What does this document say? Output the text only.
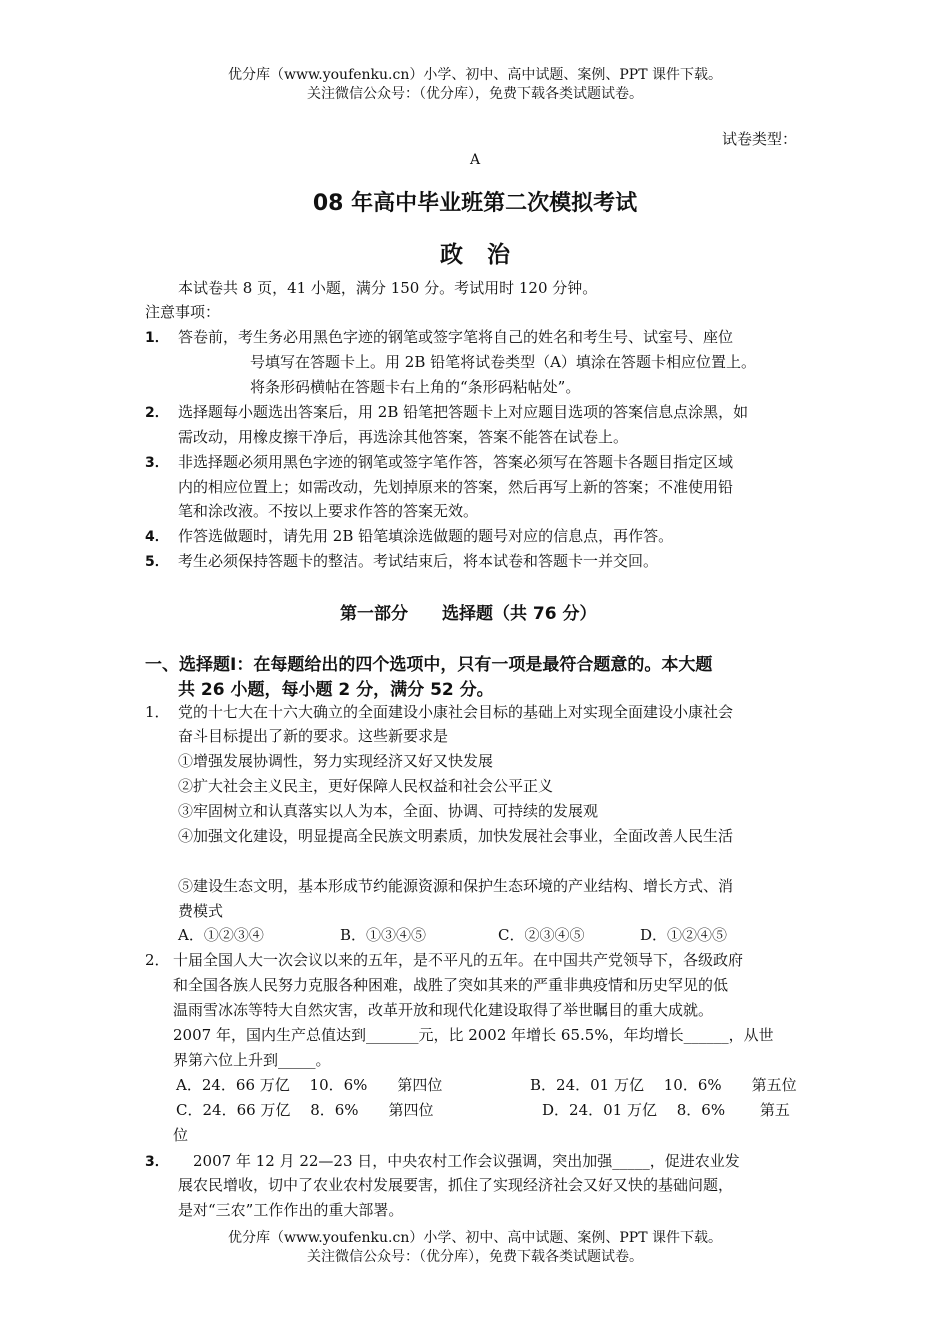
优分库（www.youfenku.cn）小学、初中、高中试题、案例、PPT 课件下载。
关注微信公众号：（优分库），免费下载各类试题试卷。
试卷类型：
A
08 年高中毕业班第二次模拟考试
政治
本试卷共 8 页，41 小题，满分 150 分。考试用时 120 分钟。
注意事项：
1． 答卷前，考生务必用黑色字迹的钢笔或签字笔将自己的姓名和考生号、试室号、座位
号填写在答题卡上。用 2B 铅笔将试卷类型（A）填涂在答题卡相应位置上。
将条形码横帖在答题卡右上角的“条形码粘帖处”。
2． 选择题每小题选出答案后，用 2B 铅笔把答题卡上对应题目选项的答案信息点涂黑，如
需改动，用橡皮擦干净后，再选涂其他答案，答案不能答在试卷上。
3． 非选择题必须用黑色字迹的钢笔或签字笔作答，答案必须写在答题卡各题目指定区域
内的相应位置上；如需改动，先划掉原来的答案，然后再写上新的答案；不准使用铅
笔和涂改液。不按以上要求作答的答案无效。
4． 作答选做题时，请先用 2B 铅笔填涂选做题的题号对应的信息点，再作答。
5． 考生必须保持答题卡的整洁。考试结束后，将本试卷和答题卡一并交回。
第一部分　　选择题（共 76 分）
一、选择题Ⅰ：在每题给出的四个选项中，只有一项是最符合题意的。本大题
共 26 小题，每小题 2 分，满分 52 分。
1． 党的十七大在十六大确立的全面建设小康社会目标的基础上对实现全面建设小康社会
奋斗目标提出了新的要求。这些新要求是
①增强发展协调性，努力实现经济又好又快发展
②扩大社会主义民主，更好保障人民权益和社会公平正义
③牢固树立和认真落实以人为本，全面、协调、可持续的发展观
④加强文化建设，明显提高全民族文明素质，加快发展社会事业，全面改善人民生活
⑤建设生态文明，基本形成节约能源资源和保护生态环境的产业结构、增长方式、消
费模式
A．①②③④	B．①③④⑤	C．②③④⑤	D．①②④⑤
2． 十届全国人大一次会议以来的五年，是不平凡的五年。在中国共产党领导下，各级政府
和全国各族人民努力克服各种困难，战胜了突如其来的严重非典疫情和历史罕见的低
温雨雪冰冻等特大自然灾害，改革开放和现代化建设取得了举世瞩目的重大成就。
2007 年，国内生产总值达到_______元，比 2002 年增长 65.5%，年均增长______，从世
界第六位上升到_____。
A．24．66 万亿　 10．6%　　第四位	B．24．01 万亿　 10．6%　　第五位
C．24．66 万亿　 8．6%　　第四位	D．24．01 万亿　 8．6%　　 第五
位
3． 　2007 年 12 月 22—23 日，中央农村工作会议强调，突出加强_____，促进农业发
展农民增收，切中了农业农村发展要害，抓住了实现经济社会又好又快的基础问题，
是对“三农”工作作出的重大部署。
优分库（www.youfenku.cn）小学、初中、高中试题、案例、PPT 课件下载。
关注微信公众号：（优分库），免费下载各类试题试卷。
